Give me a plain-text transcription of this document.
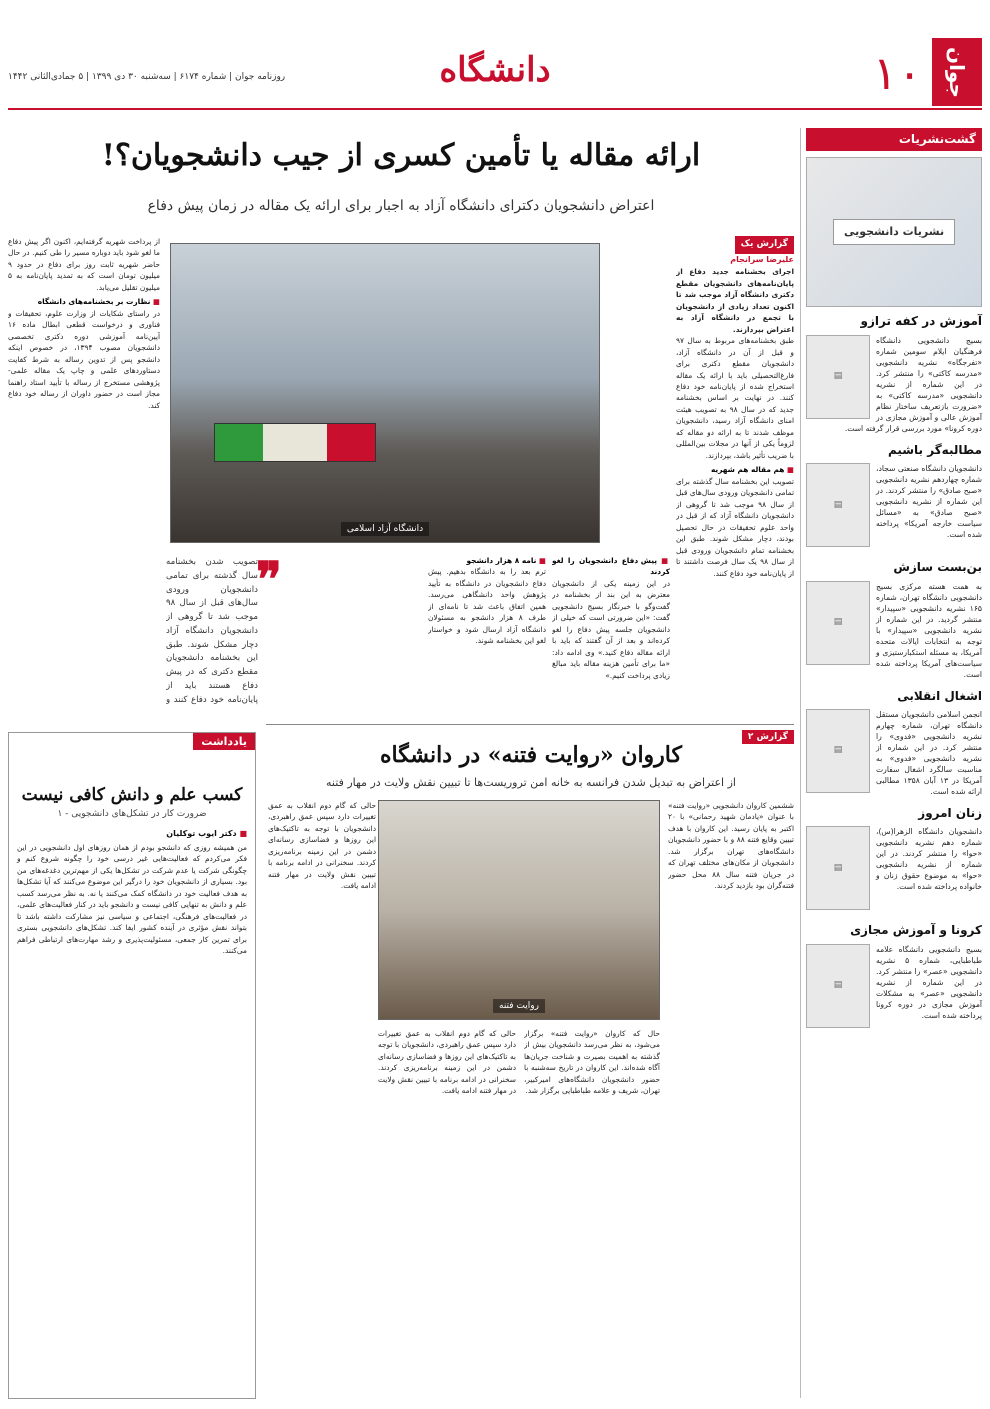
جوان
۱۰
دانشگاه
روزنامه جوان | شماره ۶۱۷۴ | سه‌شنبه ۳۰ دی ۱۳۹۹ | ۵ جمادی‌الثانی ۱۴۴۲
گشت‌نشریات
نشریات دانشجویی
آموزش در کفه ترازو
▤

بسیج دانشجویی دانشگاه فرهنگیان ایلام سومین شماره «تفرجگاه» نشریه دانشجویی «مدرسه کاکتی» را منتشر کرد. در این شماره از نشریه دانشجویی «مدرسه کاکتی» به «ضرورت بازتعریف ساختار نظام آموزش عالی و آموزش مجازی در دوره کرونا» مورد بررسی قرار گرفته است.

مطالبه‌گر باشیم
▤

دانشجویان دانشگاه صنعتی سجاد، شماره چهاردهم نشریه دانشجویی «صبح صادق» را منتشر کردند. در این شماره از نشریه دانشجویی «صبح صادق» به «مسائل سیاست خارجه آمریکا» پرداخته شده است.

بن‌بست سازش
▤

به همت هسته مرکزی بسیج دانشجویی دانشگاه تهران، شماره ۱۶۵ نشریه دانشجویی «سپیدار» منتشر گردید. در این شماره از نشریه دانشجویی «سپیدار» با توجه به انتخابات ایالات متحده آمریکا، به مسئله استکبارستیزی و سیاست‌های آمریکا پرداخته شده است.

اشغال انقلابی
▤

انجمن اسلامی دانشجویان مستقل دانشگاه تهران، شماره چهارم نشریه دانشجویی «فدوی» را منتشر کرد. در این شماره از نشریه دانشجویی «فدوی» به مناسبت سالگرد اشغال سفارت آمریکا در ۱۳ آبان ۱۳۵۸ مطالبی ارائه شده است.

زنان امروز
▤

دانشجویان دانشگاه الزهرا(س)، شماره دهم نشریه دانشجویی «حوا» را منتشر کردند. در این شماره از نشریه دانشجویی «حوا» به موضوع حقوق زنان و خانواده پرداخته شده است.

کرونا و آموزش مجازی
▤

بسیج دانشجویی دانشگاه علامه طباطبایی، شماره ۵ نشریه دانشجویی «عصر» را منتشر کرد. در این شماره از نشریه دانشجویی «عصر» به مشکلات آموزش مجازی در دوره کرونا پرداخته شده است.

ارائه مقاله یا تأمین کسری از جیب دانشجویان؟!
اعتراض دانشجویان دکترای دانشگاه آزاد به اجبار برای ارائه یک مقاله در زمان پیش دفاع
گزارش یک
علیرضا سرانجام
اجرای بخشنامه جدید دفاع از پایان‌نامه‌های دانشجویان مقطع دکتری دانشگاه آزاد موجب شد تا اکنون تعداد زیادی از دانشجویان با تجمع در دانشگاه آزاد به اعتراض بپردازند.
طبق بخشنامه‌های مربوط به سال ۹۷ و قبل از آن در دانشگاه آزاد، دانشجویان مقطع دکتری برای فارغ‌التحصیلی باید با ارائه یک مقاله استخراج شده از پایان‌نامه خود دفاع کنند. در نهایت بر اساس بخشنامه جدید که در سال ۹۸ به تصویب هیئت امنای دانشگاه آزاد رسید، دانشجویان موظف شدند تا به ارائه دو مقاله که لزوماً یکی از آنها در مجلات بین‌المللی با ضریب تأثیر باشد، بپردازند.
■ هم مقاله هم شهریه
تصویب این بخشنامه سال گذشته برای تمامی دانشجویان ورودی سال‌های قبل از سال ۹۸ موجب شد تا گروهی از دانشجویان دانشگاه آزاد که از قبل در واحد علوم تحقیقات در حال تحصیل بودند، دچار مشکل شوند. طبق این بخشنامه تمام دانشجویان ورودی قبل از سال ۹۸ یک سال فرصت داشتند تا از پایان‌نامه خود دفاع کنند.
دانشگاه آزاد اسلامی
از پرداخت شهریه گرفته‌ایم، اکنون اگر پیش دفاع ما لغو شود باید دوباره مسیر را طی کنیم. در حال حاضر شهریه ثابت روز برای دفاع در حدود ۹ میلیون تومان است که به تمدید پایان‌نامه به ۵ میلیون تقلیل می‌یابد.
■ نظارت بر بخشنامه‌های دانشگاه
در راستای شکایات از وزارت علوم، تحقیقات و فناوری و درخواست قطعی ابطال ماده ۱۶ آیین‌نامه آموزشی دوره دکتری تخصصی دانشجویان مصوب ۱۳۹۴، در خصوص اینکه دانشجو پس از تدوین رساله به شرط کفایت دستاوردهای علمی و چاپ یک مقاله علمی-پژوهشی مستخرج از رساله با تأیید استاد راهنما مجاز است در حضور داوران از رساله خود دفاع کند.
■ پیش دفاع دانشجویان را لغو کردند
در این زمینه یکی از دانشجویان معترض به این بند از بخشنامه در گفت‌وگو با خبرنگار بسیج دانشجویی گفت: «این ضرورتی است که خیلی از دانشجویان جلسه پیش دفاع را لغو کرده‌اند و بعد از آن گفتند که باید با ارائه مقاله دفاع کنید.» وی ادامه داد: «ما برای تأمین هزینه مقاله باید مبالغ زیادی پرداخت کنیم.»
■ نامه ۸ هزار دانشجو
ترم بعد را به دانشگاه بدهیم. پیش دفاع دانشجویان در دانشگاه به تأیید پژوهش واحد دانشگاهی می‌رسد. همین اتفاق باعث شد تا نامه‌ای از طرف ۸ هزار دانشجو به مسئولان دانشگاه آزاد ارسال شود و خواستار لغو این بخشنامه شوند.
❞
تصویب شدن بخشنامه سال گذشته برای تمامی دانشجویان ورودی سال‌های قبل از سال ۹۸ موجب شد تا گروهی از دانشجویان دانشگاه آزاد دچار مشکل شوند. طبق این بخشنامه دانشجویان مقطع دکتری که در پیش دفاع هستند باید از پایان‌نامه خود دفاع کنند و
گزارش ۲
کاروان «روایت فتنه» در دانشگاه
از اعتراض به تبدیل شدن فرانسه به خانه امن تروریست‌ها تا تبیین نقش ولایت در مهار فتنه
ششمین کاروان دانشجویی «روایت فتنه» با عنوان «یادمان شهید رحمانی» با ۲۰ اکتبر به پایان رسید. این کاروان با هدف تبیین وقایع فتنه ۸۸ و با حضور دانشجویان دانشگاه‌های تهران برگزار شد. دانشجویان از مکان‌های مختلف تهران که در جریان فتنه سال ۸۸ محل حضور فتنه‌گران بود بازدید کردند.
روایت فتنه
حال که کاروان «روایت فتنه» برگزار می‌شود، به نظر می‌رسد دانشجویان بیش از گذشته به اهمیت بصیرت و شناخت جریان‌ها آگاه شده‌اند. این کاروان در تاریخ سه‌شنبه با حضور دانشجویان دانشگاه‌های امیرکبیر، تهران، شریف و علامه طباطبایی برگزار شد.
حالی که گام دوم انقلاب به عمق تغییرات دارد سپس عمق راهبردی، دانشجویان با توجه به تاکتیک‌های این روزها و فضاسازی رسانه‌ای دشمن در این زمینه برنامه‌ریزی کردند. سخنرانی در ادامه برنامه با تبیین نقش ولایت در مهار فتنه ادامه یافت.
حالی که گام دوم انقلاب به عمق تغییرات دارد سپس عمق راهبردی، دانشجویان با توجه به تاکتیک‌های این روزها و فضاسازی رسانه‌ای دشمن در این زمینه برنامه‌ریزی کردند. سخنرانی در ادامه برنامه با تبیین نقش ولایت در مهار فتنه ادامه یافت.
یادداشت
کسب علم و دانش کافی نیست
ضرورت کار در تشکل‌های دانشجویی - ۱
■ دکتر ایوب توکلیان
من همیشه روزی که دانشجو بودم از همان روزهای اول دانشجویی در این فکر می‌کردم که فعالیت‌هایی غیر درسی خود را چگونه شروع کنم و چگونگی شرکت یا عدم شرکت در تشکل‌ها یکی از مهم‌ترین دغدغه‌های من بود. بسیاری از دانشجویان خود را درگیر این موضوع می‌کنند که آیا تشکل‌ها به هدف فعالیت خود در دانشگاه کمک می‌کنند یا نه. به نظر می‌رسد کسب علم و دانش به تنهایی کافی نیست و دانشجو باید در کنار فعالیت‌های علمی، در فعالیت‌های فرهنگی، اجتماعی و سیاسی نیز مشارکت داشته باشد تا بتواند نقش مؤثری در آینده کشور ایفا کند. تشکل‌های دانشجویی بستری برای تمرین کار جمعی، مسئولیت‌پذیری و رشد مهارت‌های ارتباطی فراهم می‌کنند.
